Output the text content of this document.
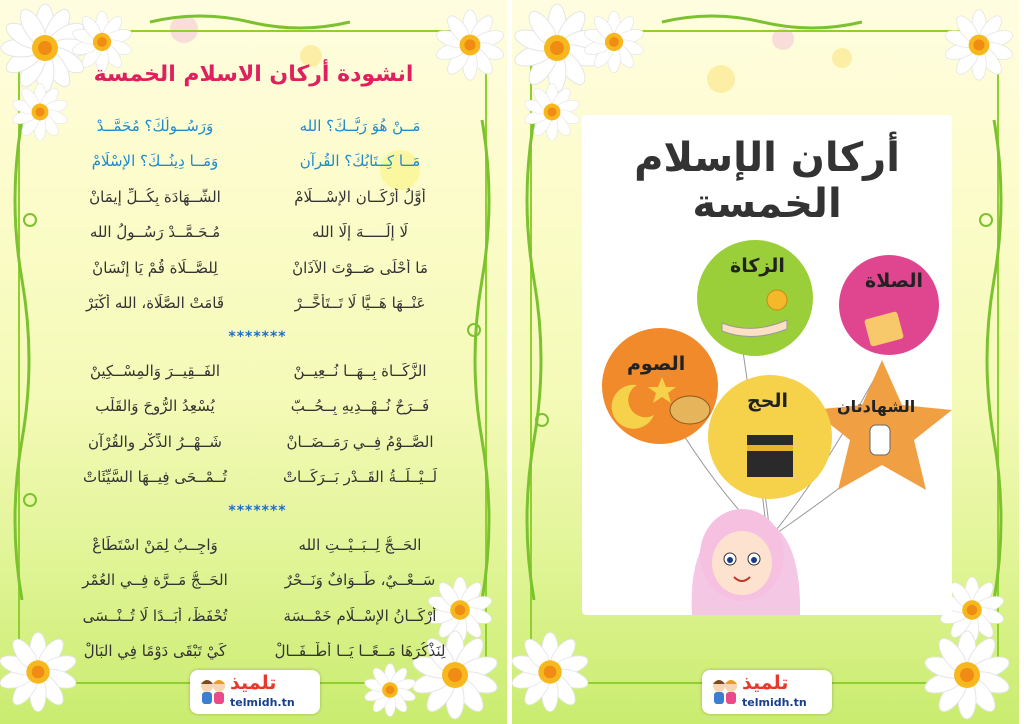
انشودة أركان الاسلام الخمسة
مَــنْ هُوَ رَبُّــكَ؟ الله
وَرَسُــولُكَ؟ مُحَمَّــدْ
مَــا كِــتَابُكَ؟ القُرآن
وَمَــا دِينُــكَ؟ الإسْلَامْ
أَوَّلُ أَرْكَــانِ الإسْـــلَامْ
الشَّــهَادَة بِكُــلِّ إِيمَانْ
لَا إِلَـــــهَ إِلَّا الله
مُـحَـمَّــدْ رَسُــولُ الله
مَا أَحْلَى صَــوْتَ الآذَانْ
لِلصَّــلَاة قُمْ يَا إِنْسَانْ
عَنْــهَا هَــيَّا لَا تَــتَأَخَّــرْ
قَامَتْ الصَّلَاة، الله أَكْبَرْ
*******
الزَّكَــاة بِــهَــا نُــعِيــنْ
الفَــقِيــرَ وَالمِسْــكِينْ
فَــرَحٌ نُــهْــدِيهِ بِــحُــبّ
يُسْعِدُ الرُّوحَ وَالقَلْب
الصَّــوْمُ فِــي رَمَــضَــانْ
شَــهْــرُ الذِّكْرِ والقُرْآن
لَــيْــلَــةُ القَــدْرِ بَــرَكَــاتْ
تُــمْــحَى فِيــهَا السَّيِّئَاتْ
*******
الحَــجُّ لِــبَــيْــتِ الله
وَاجِــبٌ لِمَنْ اسْتَطَاعْ
سَــعْــيٌ، طَــوَافٌ وَنَــحْرٌ
الحَــجُّ مَــرَّة فِــي العُمْر
أَرْكَــانُ الإسْــلَامِ خَمْــسَة
تُحْفَظْ، أَبَــدًا لَا تُــنْــسَى
لِنَذْكُرَهَا مَــعًــا يَــا أَطْــفَــالْ
كَيْ تَبْقَى دَوْمًا فِي البَالْ
تلميذ
telmidh.tn
أركان الإسلام الخمسة
الصلاة
الزكاة
الصوم
الحج	الشهادتان
تلميذ
telmidh.tn
